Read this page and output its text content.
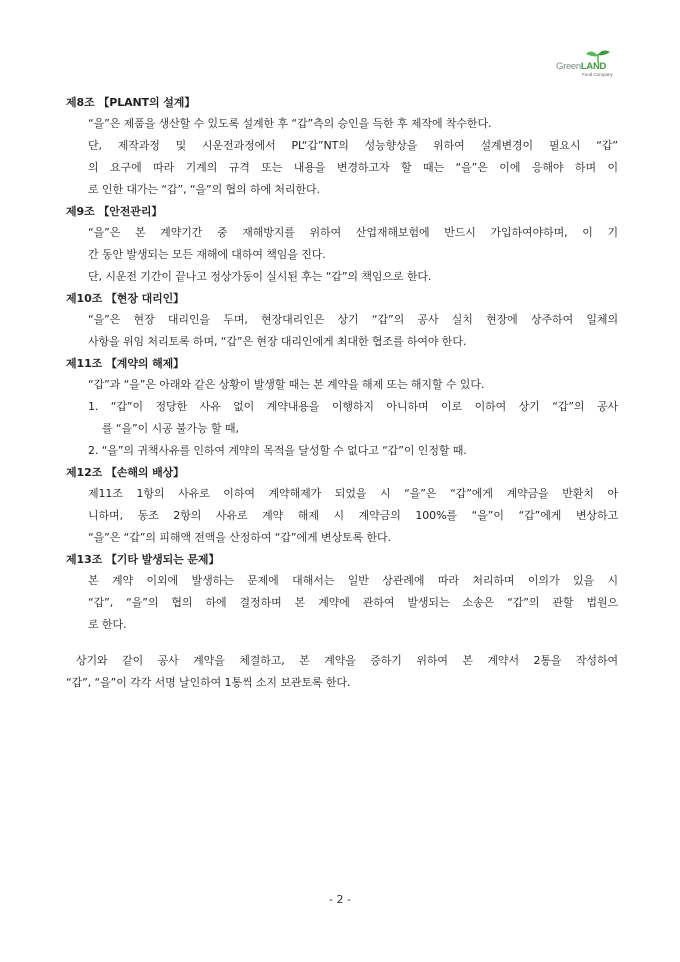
GreenLAND
Food Company
제8조 【PLANT의 설계】
“을”은 제품을 생산할 수 있도록 설계한 후 “갑”측의 승인을 득한 후 제작에 착수한다.
단, 제작과정 및 시운전과정에서 PL“갑”NT의 성능향상을 위하여 설계변경이 필요시 “갑”
의 요구에 따라 기계의 규격 또는 내용을 변경하고자 할 때는 “을”은 이에 응해야 하며 이
로 인한 대가는 “갑”, “을”의 협의 하에 처리한다.
제9조 【안전관리】
“을”은 본 계약기간 중 재해방지를 위하여 산업재해보험에 반드시 가입하여야하며, 이 기
간 동안 발생되는 모든 재해에 대하여 책임을 진다.
단, 시운전 기간이 끝나고 정상가동이 실시된 후는 “갑”의 책임으로 한다.
제10조 【현장 대리인】
“을”은 현장 대리인을 두며, 현장대리인은 상기 “갑”의 공사 실치 현장에 상주하여 일체의
사항을 위임 처리토록 하며, “갑”은 현장 대리인에게 최대한 협조를 하여야 한다.
제11조 【계약의 해제】
“갑”과 “을”은 아래와 같은 상황이 발생할 때는 본 계약을 해제 또는 해지할 수 있다.
1. “갑”이 정당한 사유 없이 계약내용을 이행하지 아니하며 이로 이하여 상기 “갑”의 공사
를 “을”이 시공 불가능 할 때,
2. “을”의 귀책사유를 인하여 계약의 목적을 달성할 수 없다고 “갑”이 인정할 때.
제12조 【손해의 배상】
제11조 1항의 사유로 이하여 계약해제가 되었을 시 “을”은 “갑”에게 계약금을 반환치 아
니하며, 동조 2항의 사유로 계약 해제 시 계약금의 100%를 “을”이 “갑”에게 변상하고
“을”은 “갑”의 피해액 전액을 산정하여 “갑”에게 변상토록 한다.
제13조 【기타 발생되는 문제】
본 계약 이외에 발생하는 문제에 대해서는 일반 상관례에 따라 처리하며 이의가 있을 시
“갑”, “을”의 협의 하에 결정하며 본 계약에 관하여 발생되는 소송은 “갑”의 관할 법원으
로 한다.
상기와 같이 공사 계약을 체결하고, 본 계약을 증하기 위하여 본 계약서 2통을 작성하여
“갑”, “을”이 각각 서명 날인하여 1통씩 소지 보관토록 한다.
- 2 -
